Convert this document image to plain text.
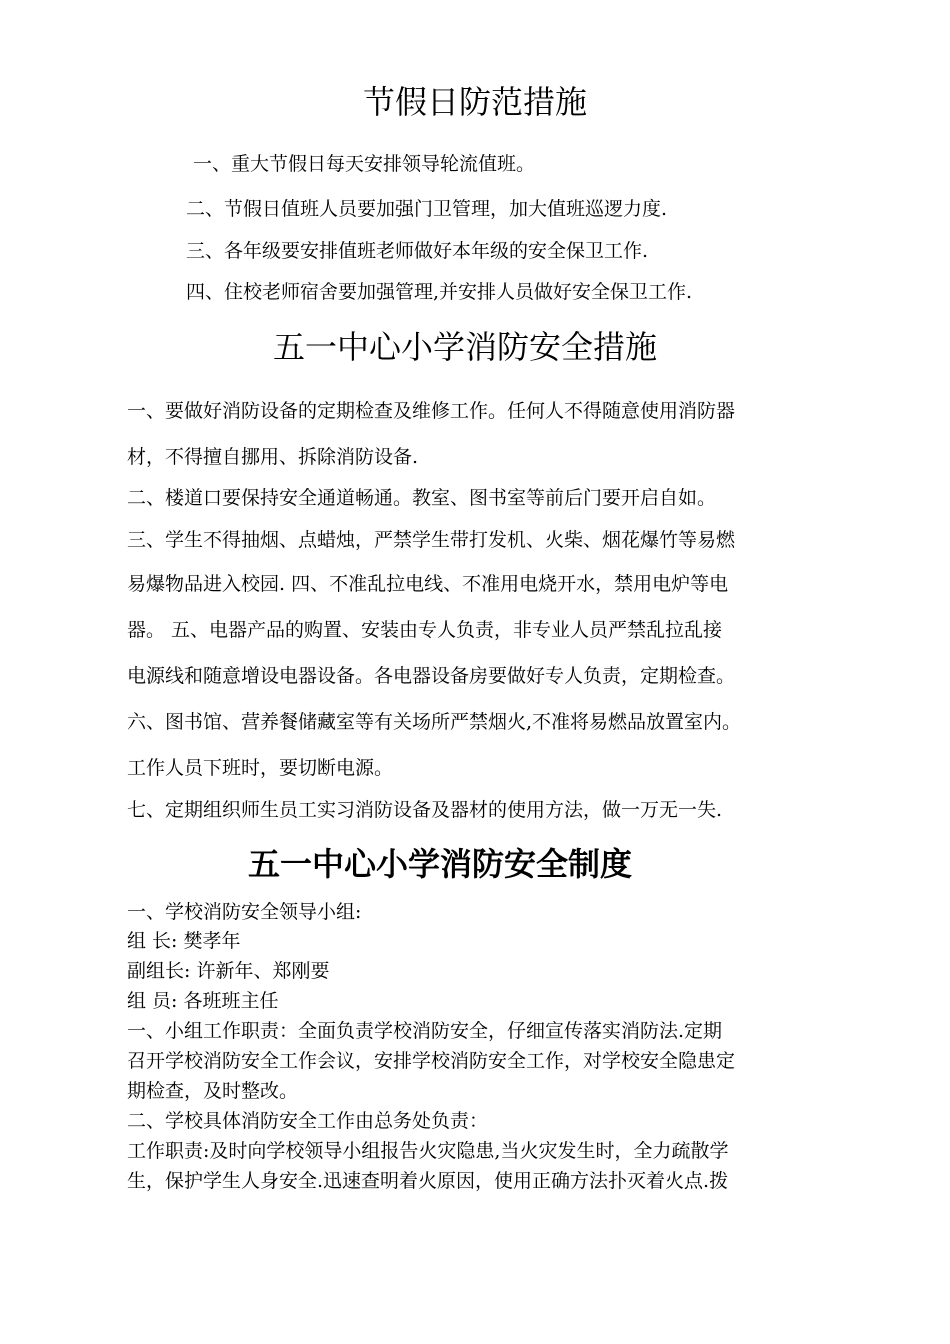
节假日防范措施

一、重大节假日每天安排领导轮流值班。

二、节假日值班人员要加强门卫管理，加大值班巡逻力度.

三、各年级要安排值班老师做好本年级的安全保卫工作.

四、住校老师宿舍要加强管理,并安排人员做好安全保卫工作.

五一中心小学消防安全措施

一、要做好消防设备的定期检查及维修工作。任何人不得随意使用消防器

材，不得擅自挪用、拆除消防设备.

二、楼道口要保持安全通道畅通。教室、图书室等前后门要开启自如。

三、学生不得抽烟、点蜡烛，严禁学生带打发机、火柴、烟花爆竹等易燃

易爆物品进入校园. 四、不准乱拉电线、不准用电烧开水，禁用电炉等电

器。 五、电器产品的购置、安装由专人负责，非专业人员严禁乱拉乱接

电源线和随意增设电器设备。各电器设备房要做好专人负责，定期检查。

六、图书馆、营养餐储藏室等有关场所严禁烟火,不准将易燃品放置室内。

工作人员下班时，要切断电源。

七、定期组织师生员工实习消防设备及器材的使用方法，做一万无一失.

五一中心小学消防安全制度

一、学校消防安全领导小组:

组 长: 樊孝年

副组长: 许新年、郑刚要

组 员: 各班班主任

一、小组工作职责：全面负责学校消防安全，仔细宣传落实消防法.定期

召开学校消防安全工作会议，安排学校消防安全工作，对学校安全隐患定

期检查，及时整改。

二、学校具体消防安全工作由总务处负责：

工作职责:及时向学校领导小组报告火灾隐患,当火灾发生时，全力疏散学

生，保护学生人身安全.迅速查明着火原因，使用正确方法扑灭着火点.拨
